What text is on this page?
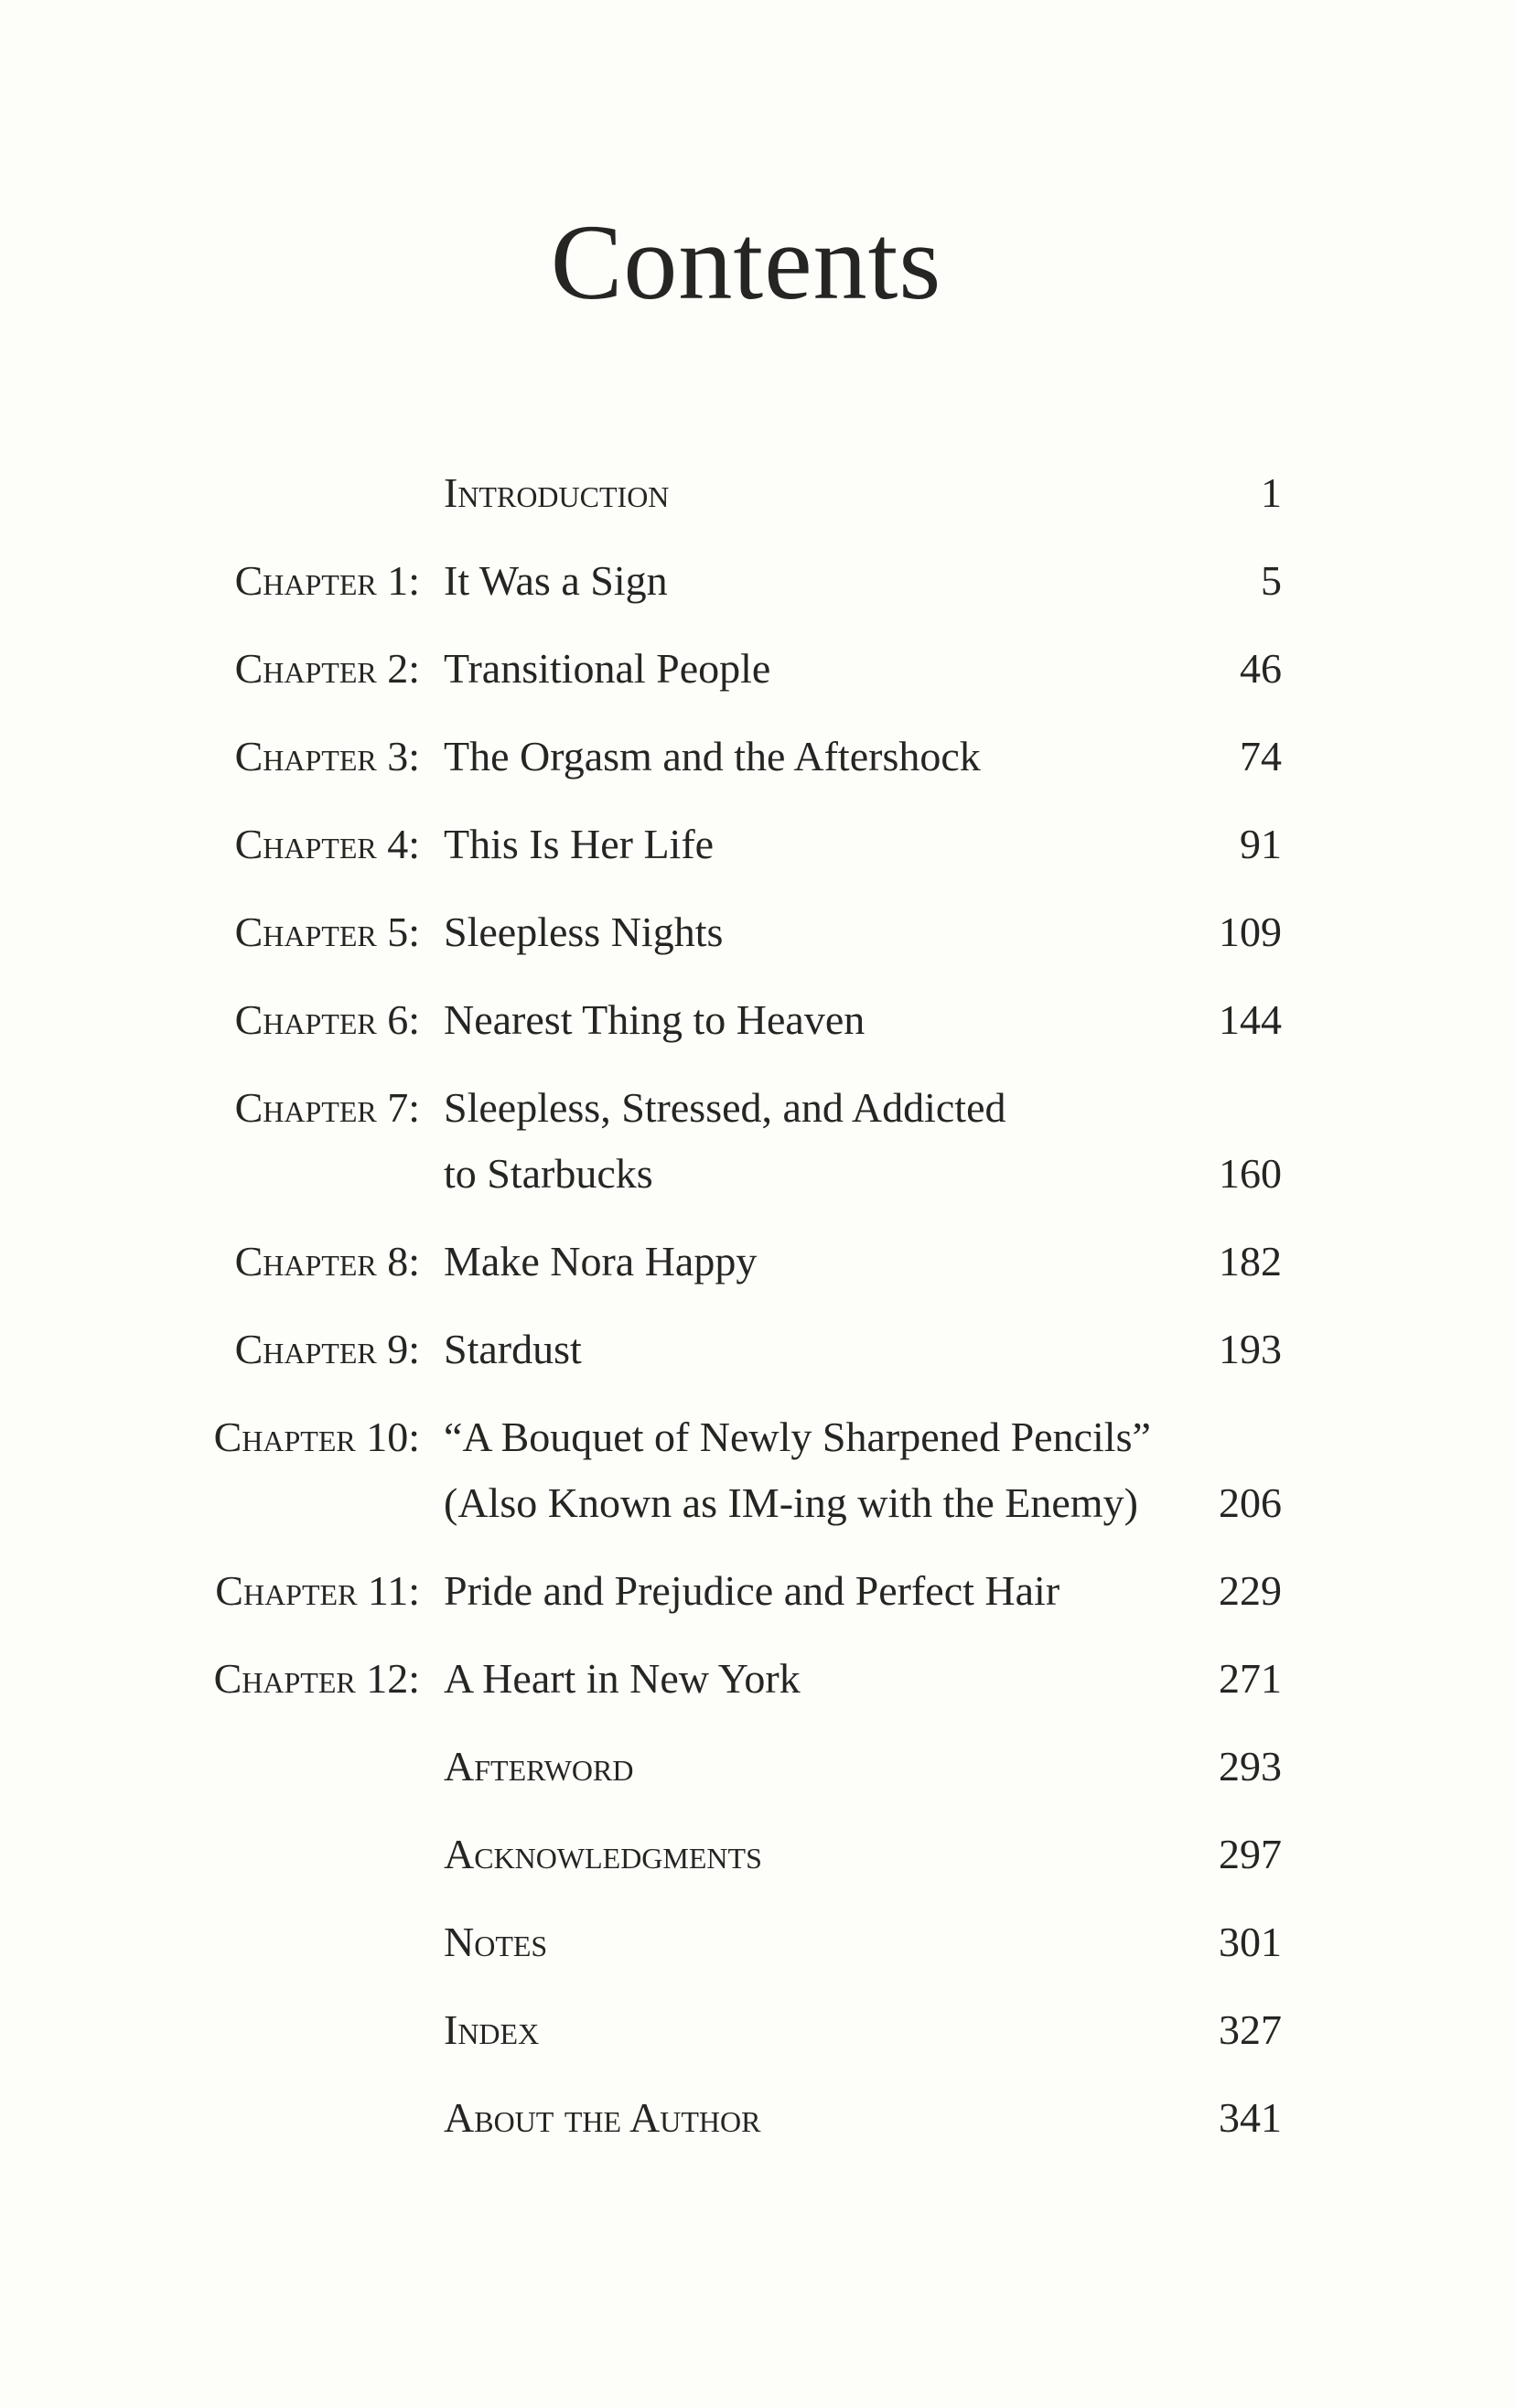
Contents
Introduction	1
Chapter 1: It Was a Sign	5
Chapter 2: Transitional People	46
Chapter 3: The Orgasm and the Aftershock	74
Chapter 4: This Is Her Life	91
Chapter 5: Sleepless Nights	109
Chapter 6: Nearest Thing to Heaven	144
Chapter 7: Sleepless, Stressed, and Addicted
to Starbucks	160
Chapter 8: Make Nora Happy	182
Chapter 9: Stardust	193
Chapter 10: “A Bouquet of Newly Sharpened Pencils”
(Also Known as IM-ing with the Enemy)	206
Chapter 11: Pride and Prejudice and Perfect Hair	229
Chapter 12: A Heart in New York	271
Afterword	293
Acknowledgments	297
Notes	301
Index	327
About the Author	341
